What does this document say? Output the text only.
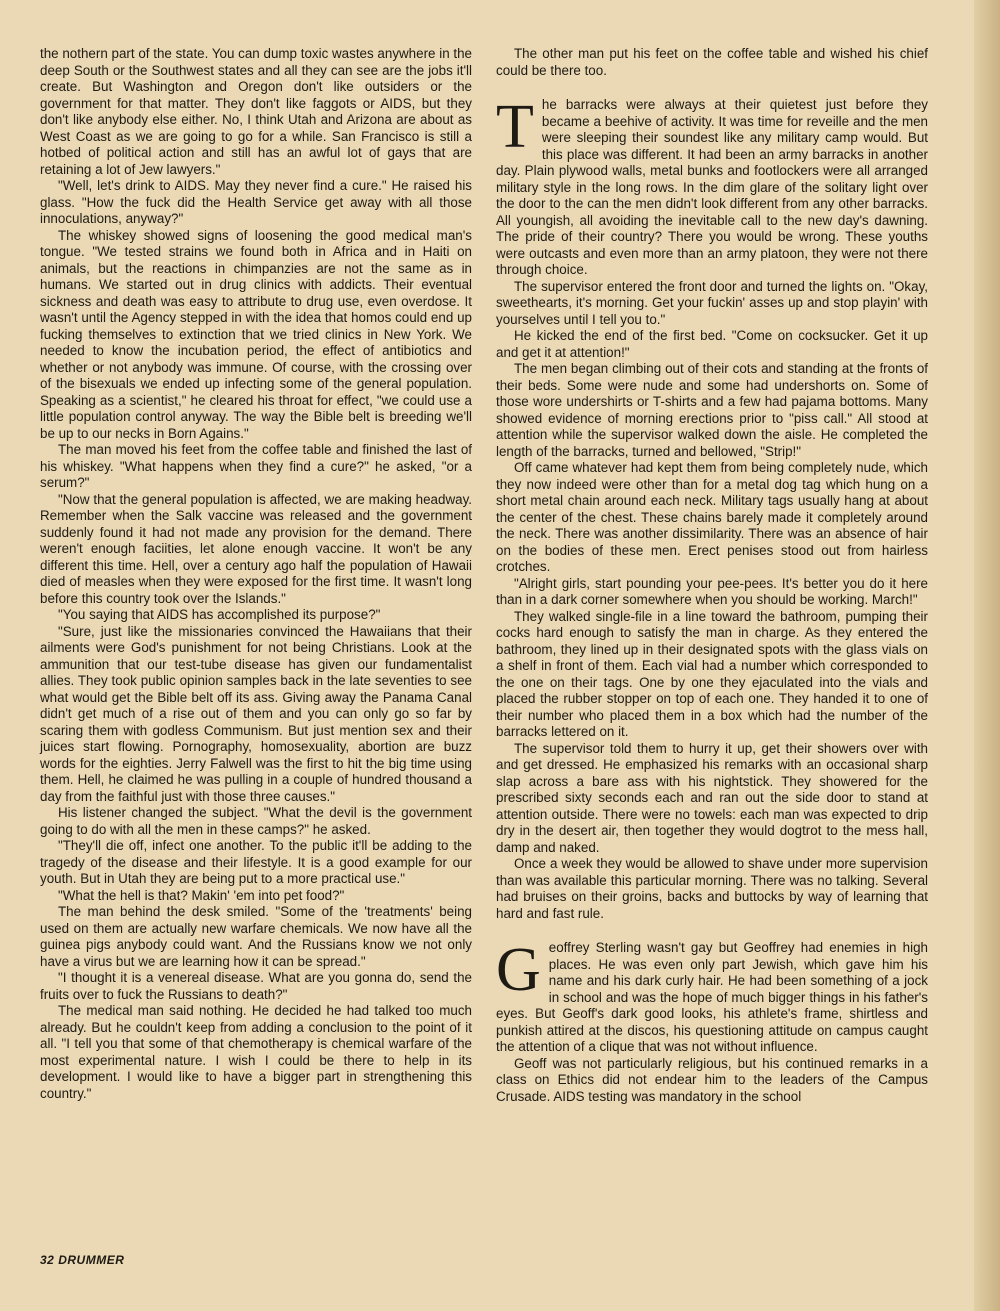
the nothern part of the state. You can dump toxic wastes anywhere in the deep South or the Southwest states and all they can see are the jobs it'll create. But Washington and Oregon don't like outsiders or the government for that matter. They don't like faggots or AIDS, but they don't like anybody else either. No, I think Utah and Arizona are about as West Coast as we are going to go for a while. San Francisco is still a hotbed of political action and still has an awful lot of gays that are retaining a lot of Jew lawyers."

"Well, let's drink to AIDS. May they never find a cure." He raised his glass. "How the fuck did the Health Service get away with all those innoculations, anyway?"

The whiskey showed signs of loosening the good medical man's tongue. "We tested strains we found both in Africa and in Haiti on animals, but the reactions in chimpanzies are not the same as in humans. We started out in drug clinics with addicts. Their eventual sickness and death was easy to attribute to drug use, even overdose. It wasn't until the Agency stepped in with the idea that homos could end up fucking themselves to extinction that we tried clinics in New York. We needed to know the incubation period, the effect of antibiotics and whether or not anybody was immune. Of course, with the crossing over of the bisexuals we ended up infecting some of the general population. Speaking as a scientist," he cleared his throat for effect, "we could use a little population control anyway. The way the Bible belt is breeding we'll be up to our necks in Born Agains."

The man moved his feet from the coffee table and finished the last of his whiskey. "What happens when they find a cure?" he asked, "or a serum?"

"Now that the general population is affected, we are making headway. Remember when the Salk vaccine was released and the government suddenly found it had not made any provision for the demand. There weren't enough faciities, let alone enough vaccine. It won't be any different this time. Hell, over a century ago half the population of Hawaii died of measles when they were exposed for the first time. It wasn't long before this country took over the Islands."

"You saying that AIDS has accomplished its purpose?"

"Sure, just like the missionaries convinced the Hawaiians that their ailments were God's punishment for not being Christians. Look at the ammunition that our test-tube disease has given our fundamentalist allies. They took public opinion samples back in the late seventies to see what would get the Bible belt off its ass. Giving away the Panama Canal didn't get much of a rise out of them and you can only go so far by scaring them with godless Communism. But just mention sex and their juices start flowing. Pornography, homosexuality, abortion are buzz words for the eighties. Jerry Falwell was the first to hit the big time using them. Hell, he claimed he was pulling in a couple of hundred thousand a day from the faithful just with those three causes."

His listener changed the subject. "What the devil is the government going to do with all the men in these camps?" he asked.

"They'll die off, infect one another. To the public it'll be adding to the tragedy of the disease and their lifestyle. It is a good example for our youth. But in Utah they are being put to a more practical use."

"What the hell is that? Makin' 'em into pet food?"

The man behind the desk smiled. "Some of the 'treatments' being used on them are actually new warfare chemicals. We now have all the guinea pigs anybody could want. And the Russians know we not only have a virus but we are learning how it can be spread."

"I thought it is a venereal disease. What are you gonna do, send the fruits over to fuck the Russians to death?"

The medical man said nothing. He decided he had talked too much already. But he couldn't keep from adding a conclusion to the point of it all. "I tell you that some of that chemotherapy is chemical warfare of the most experimental nature. I wish I could be there to help in its development. I would like to have a bigger part in strengthening this country."

The other man put his feet on the coffee table and wished his chief could be there too.

The barracks were always at their quietest just before they became a beehive of activity. It was time for reveille and the men were sleeping their soundest like any military camp would. But this place was different. It had been an army barracks in another day. Plain plywood walls, metal bunks and footlockers were all arranged military style in the long rows. In the dim glare of the solitary light over the door to the can the men didn't look different from any other barracks. All youngish, all avoiding the inevitable call to the new day's dawning. The pride of their country? There you would be wrong. These youths were outcasts and even more than an army platoon, they were not there through choice.

The supervisor entered the front door and turned the lights on. "Okay, sweethearts, it's morning. Get your fuckin' asses up and stop playin' with yourselves until I tell you to."

He kicked the end of the first bed. "Come on cocksucker. Get it up and get it at attention!"

The men began climbing out of their cots and standing at the fronts of their beds. Some were nude and some had undershorts on. Some of those wore undershirts or T-shirts and a few had pajama bottoms. Many showed evidence of morning erections prior to "piss call." All stood at attention while the supervisor walked down the aisle. He completed the length of the barracks, turned and bellowed, "Strip!"

Off came whatever had kept them from being completely nude, which they now indeed were other than for a metal dog tag which hung on a short metal chain around each neck. Military tags usually hang at about the center of the chest. These chains barely made it completely around the neck. There was another dissimilarity. There was an absence of hair on the bodies of these men. Erect penises stood out from hairless crotches.

"Alright girls, start pounding your pee-pees. It's better you do it here than in a dark corner somewhere when you should be working. March!"

They walked single-file in a line toward the bathroom, pumping their cocks hard enough to satisfy the man in charge. As they entered the bathroom, they lined up in their designated spots with the glass vials on a shelf in front of them. Each vial had a number which corresponded to the one on their tags. One by one they ejaculated into the vials and placed the rubber stopper on top of each one. They handed it to one of their number who placed them in a box which had the number of the barracks lettered on it.

The supervisor told them to hurry it up, get their showers over with and get dressed. He emphasized his remarks with an occasional sharp slap across a bare ass with his nightstick. They showered for the prescribed sixty seconds each and ran out the side door to stand at attention outside. There were no towels: each man was expected to drip dry in the desert air, then together they would dogtrot to the mess hall, damp and naked.

Once a week they would be allowed to shave under more supervision than was available this particular morning. There was no talking. Several had bruises on their groins, backs and buttocks by way of learning that hard and fast rule.

Geoffrey Sterling wasn't gay but Geoffrey had enemies in high places. He was even only part Jewish, which gave him his name and his dark curly hair. He had been something of a jock in school and was the hope of much bigger things in his father's eyes. But Geoff's dark good looks, his athlete's frame, shirtless and punkish attired at the discos, his questioning attitude on campus caught the attention of a clique that was not without influence.

Geoff was not particularly religious, but his continued remarks in a class on Ethics did not endear him to the leaders of the Campus Crusade. AIDS testing was mandatory in the school

32 DRUMMER
